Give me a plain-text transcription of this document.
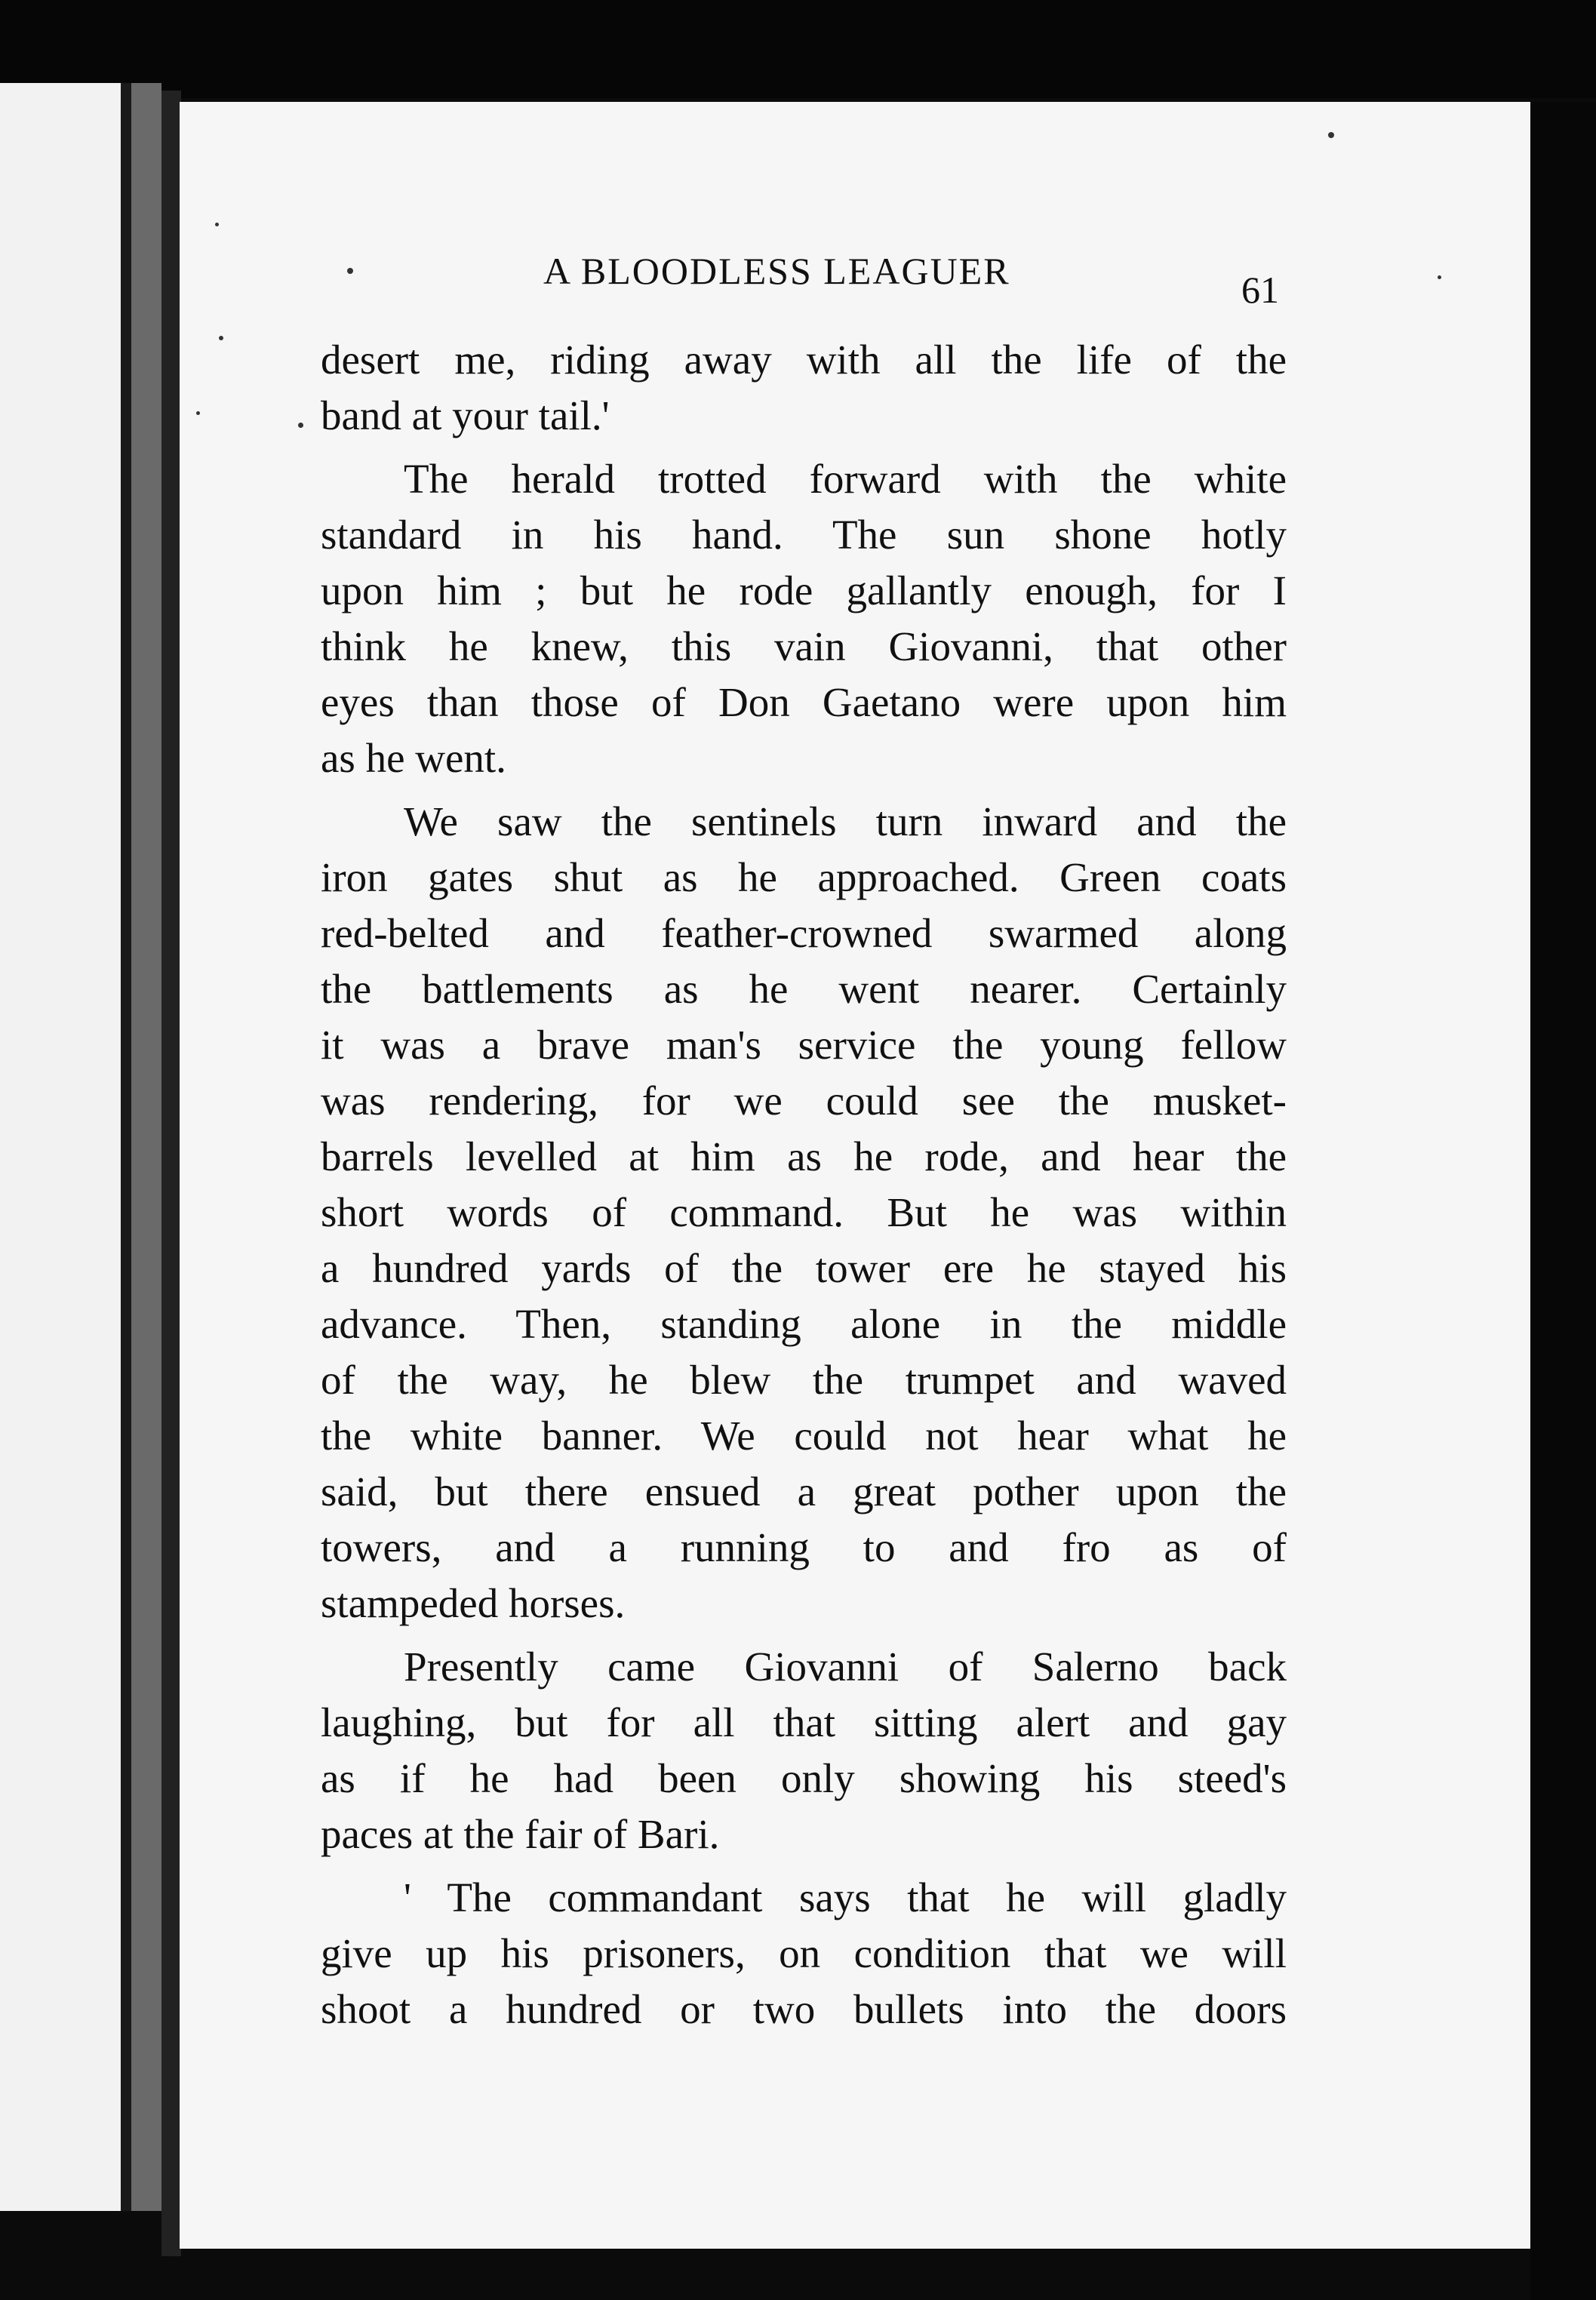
A BLOODLESS LEAGUER	61
desert me, riding away with all the life of the
band at your tail.'
The herald trotted forward with the white
standard in his hand. The sun shone hotly
upon him ; but he rode gallantly enough, for I
think he knew, this vain Giovanni, that other
eyes than those of Don Gaetano were upon him
as he went.
We saw the sentinels turn inward and the
iron gates shut as he approached. Green coats
red-belted and feather-crowned swarmed along
the battlements as he went nearer. Certainly
it was a brave man's service the young fellow
was rendering, for we could see the musket-
barrels levelled at him as he rode, and hear the
short words of command. But he was within
a hundred yards of the tower ere he stayed his
advance. Then, standing alone in the middle
of the way, he blew the trumpet and waved
the white banner. We could not hear what he
said, but there ensued a great pother upon the
towers, and a running to and fro as of
stampeded horses.
Presently came Giovanni of Salerno back
laughing, but for all that sitting alert and gay
as if he had been only showing his steed's
paces at the fair of Bari.
' The commandant says that he will gladly
give up his prisoners, on condition that we will
shoot a hundred or two bullets into the doors
